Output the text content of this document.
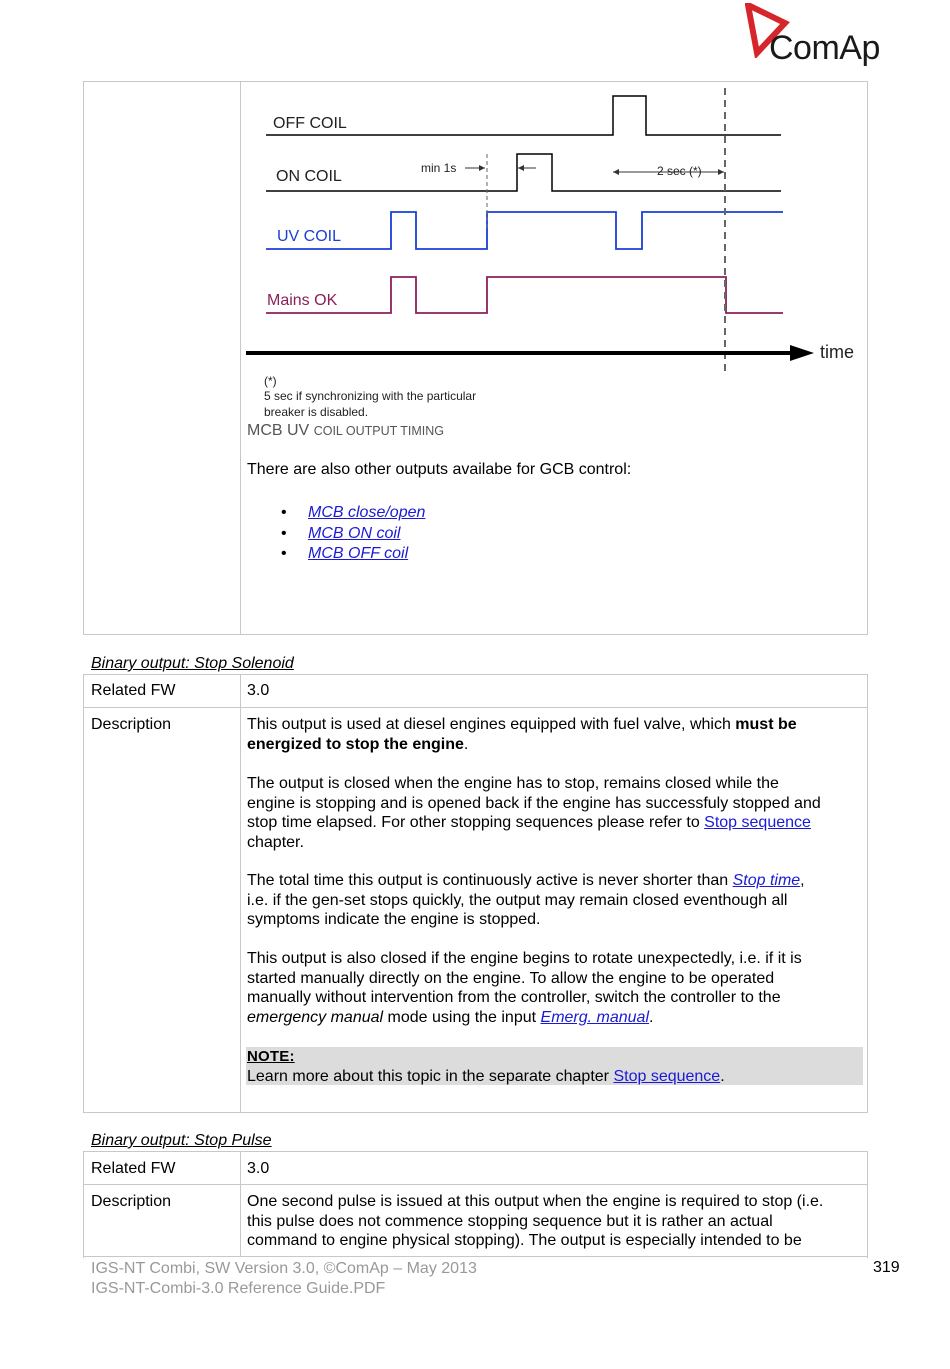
ComAp
OFF COIL
ON COIL
UV COIL
Mains OK
min 1s	2 sec (*)
time
(*)
5 sec if synchronizing with the particular
breaker is disabled.
MCB UV COIL OUTPUT TIMING
There are also other outputs availabe for GCB control:
• MCB close/open
• MCB ON coil
• MCB OFF coil
Binary output: Stop Solenoid
Related FW	3.0
Description	This output is used at diesel engines equipped with fuel valve, which must be

energized to stop the engine.

The output is closed when the engine has to stop, remains closed while the

engine is stopping and is opened back if the engine has successfuly stopped and

stop time elapsed. For other stopping sequences please refer to Stop sequence

chapter.

The total time this output is continuously active is never shorter than Stop time,

i.e. if the gen-set stops quickly, the output may remain closed eventhough all

symptoms indicate the engine is stopped.

This output is also closed if the engine begins to rotate unexpectedly, i.e. if it is

started manually directly on the engine. To allow the engine to be operated

manually without intervention from the controller, switch the controller to the

emergency manual mode using the input Emerg. manual.

NOTE:

Learn more about this topic in the separate chapter Stop sequence.

Binary output: Stop Pulse
Related FW	3.0
Description	One second pulse is issued at this output when the engine is required to stop (i.e.

this pulse does not commence stopping sequence but it is rather an actual

command to engine physical stopping). The output is especially intended to be

IGS-NT Combi, SW Version 3.0, ©ComAp – May 2013

IGS-NT-Combi-3.0 Reference Guide.PDF

319
